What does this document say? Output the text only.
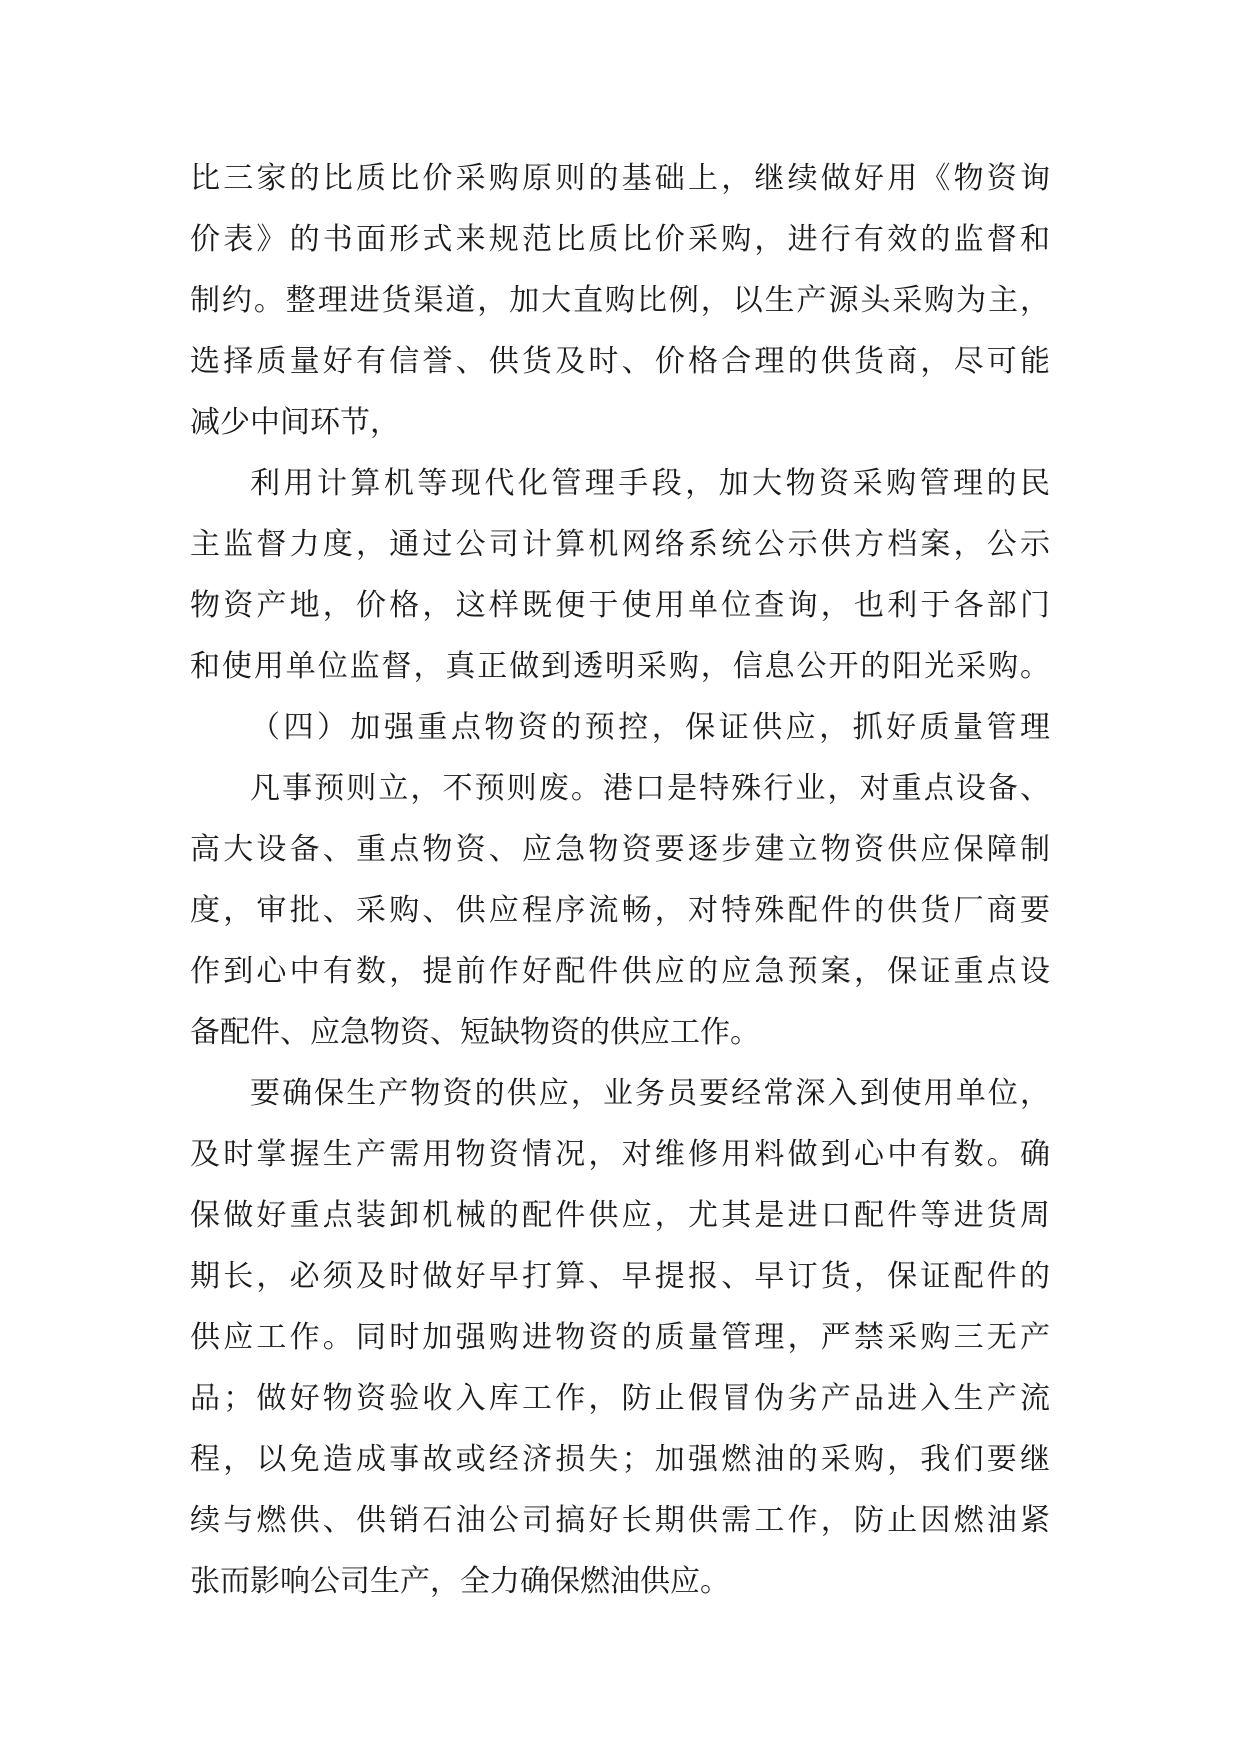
比三家的比质比价采购原则的基础上，继续做好用《物资询
价表》的书面形式来规范比质比价采购，进行有效的监督和
制约。整理进货渠道，加大直购比例，以生产源头采购为主，
选择质量好有信誉、供货及时、价格合理的供货商，尽可能
减少中间环节，
利用计算机等现代化管理手段，加大物资采购管理的民
主监督力度，通过公司计算机网络系统公示供方档案，公示
物资产地，价格，这样既便于使用单位查询，也利于各部门
和使用单位监督，真正做到透明采购，信息公开的阳光采购。
（四）加强重点物资的预控，保证供应，抓好质量管理
凡事预则立，不预则废。港口是特殊行业，对重点设备、
高大设备、重点物资、应急物资要逐步建立物资供应保障制
度，审批、采购、供应程序流畅，对特殊配件的供货厂商要
作到心中有数，提前作好配件供应的应急预案，保证重点设
备配件、应急物资、短缺物资的供应工作。
要确保生产物资的供应，业务员要经常深入到使用单位，
及时掌握生产需用物资情况，对维修用料做到心中有数。确
保做好重点装卸机械的配件供应，尤其是进口配件等进货周
期长，必须及时做好早打算、早提报、早订货，保证配件的
供应工作。同时加强购进物资的质量管理，严禁采购三无产
品；做好物资验收入库工作，防止假冒伪劣产品进入生产流
程，以免造成事故或经济损失；加强燃油的采购，我们要继
续与燃供、供销石油公司搞好长期供需工作，防止因燃油紧
张而影响公司生产，全力确保燃油供应。
